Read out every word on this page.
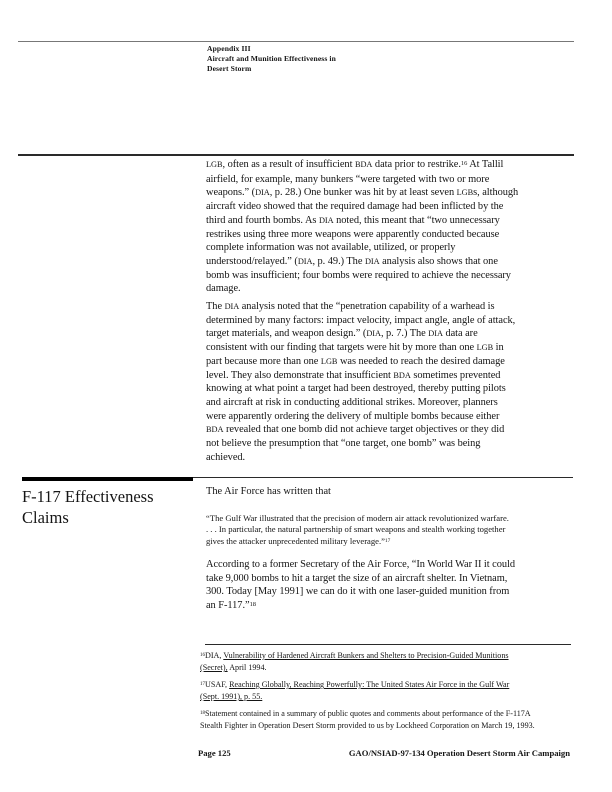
Appendix III
Aircraft and Munition Effectiveness in
Desert Storm
LGB, often as a result of insufficient BDA data prior to restrike.$^{16}$ At Tallil
airfield, for example, many bunkers “were targeted with two or more
weapons.” (DIA, p. 28.) One bunker was hit by at least seven LGBs, although
aircraft video showed that the required damage had been inflicted by the
third and fourth bombs. As DIA noted, this meant that “two unnecessary
restrikes using three more weapons were apparently conducted because
complete information was not available, utilized, or properly
understood/relayed.” (DIA, p. 49.) The DIA analysis also shows that one
bomb was insufficient; four bombs were required to achieve the necessary
damage.
The DIA analysis noted that the “penetration capability of a warhead is
determined by many factors: impact velocity, impact angle, angle of attack,
target materials, and weapon design.” (DIA, p. 7.) The DIA data are
consistent with our finding that targets were hit by more than one LGB in
part because more than one LGB was needed to reach the desired damage
level. They also demonstrate that insufficient BDA sometimes prevented
knowing at what point a target had been destroyed, thereby putting pilots
and aircraft at risk in conducting additional strikes. Moreover, planners
were apparently ordering the delivery of multiple bombs because either
BDA revealed that one bomb did not achieve target objectives or they did
not believe the presumption that “one target, one bomb” was being
achieved.
F-117 Effectiveness
Claims
The Air Force has written that
“The Gulf War illustrated that the precision of modern air attack revolutionized warfare.
. . . In particular, the natural partnership of smart weapons and stealth working together
gives the attacker unprecedented military leverage.”$^{17}$
According to a former Secretary of the Air Force, “In World War II it could
take 9,000 bombs to hit a target the size of an aircraft shelter. In Vietnam,
300. Today [May 1991] we can do it with one laser-guided munition from
an F-117.”$^{18}$
$^{16}$DIA, Vulnerability of Hardened Aircraft Bunkers and Shelters to Precision-Guided Munitions
(Secret), April 1994.
$^{17}$USAF, Reaching Globally, Reaching Powerfully: The United States Air Force in the Gulf War
(Sept. 1991), p. 55.
$^{18}$Statement contained in a summary of public quotes and comments about performance of the F-117A
Stealth Fighter in Operation Desert Storm provided to us by Lockheed Corporation on March 19, 1993.
Page 125	GAO/NSIAD-97-134 Operation Desert Storm Air Campaign
